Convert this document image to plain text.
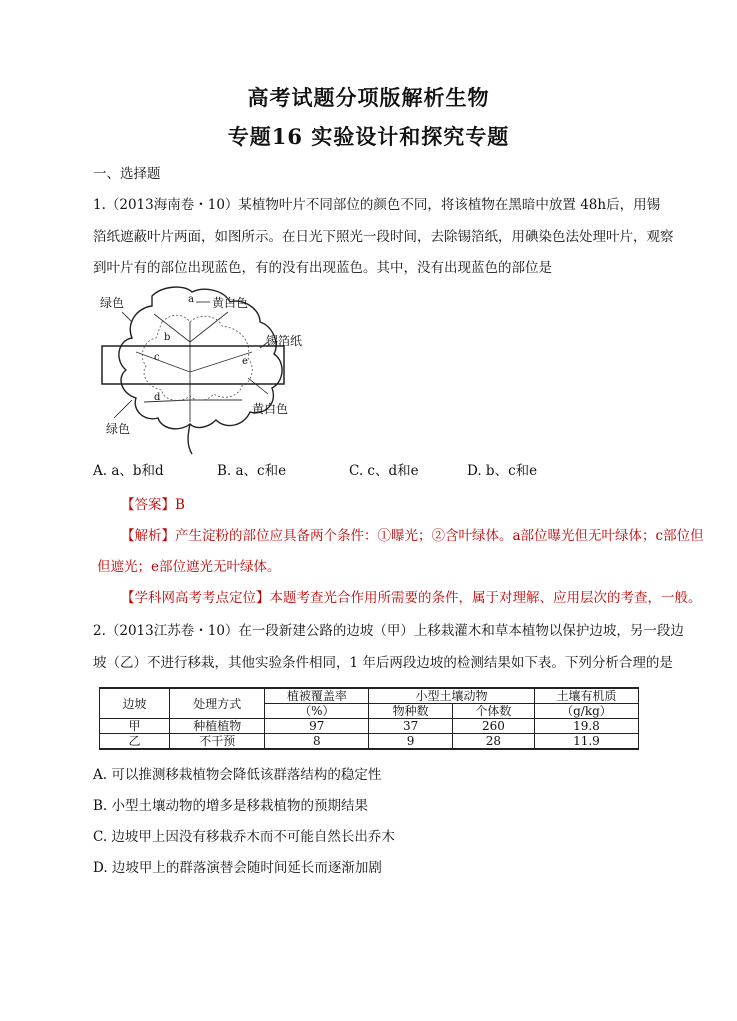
高考试题分项版解析生物
专题16 实验设计和探究专题
一、选择题
1.（2013海南卷・10）某植物叶片不同部位的颜色不同，将该植物在黑暗中放置 48h后，用锡
箔纸遮蔽叶片两面，如图所示。在日光下照光一段时间，去除锡箔纸，用碘染色法处理叶片，观察
到叶片有的部位出现蓝色，有的没有出现蓝色。其中，没有出现蓝色的部位是
绿色	黄白色
锡箔纸
黄白色
绿色
a
b
c
d
e
A. a、b和d	B. a、c和e	C. c、d和e	D. b、c和e
【答案】B
【解析】产生淀粉的部位应具备两个条件：①曝光；②含叶绿体。a部位曝光但无叶绿体；c部位但
但遮光；e部位遮光无叶绿体。
【学科网高考考点定位】本题考查光合作用所需要的条件，属于对理解、应用层次的考查，一般。
2.（2013江苏卷・10）在一段新建公路的边坡（甲）上移栽灌木和草本植物以保护边坡，另一段边
坡（乙）不进行移栽，其他实验条件相同，1 年后两段边坡的检测结果如下表。下列分析合理的是
边坡	处理方式	植被覆盖率	小型土壤动物		土壤有机质
		（%）	物种数	个体数	（g/kg）
甲	种植植物	97	37	260	19.8
乙	不干预	8	9	28	11.9
A. 可以推测移栽植物会降低该群落结构的稳定性
B. 小型土壤动物的增多是移栽植物的预期结果
C. 边坡甲上因没有移栽乔木而不可能自然长出乔木
D. 边坡甲上的群落演替会随时间延长而逐渐加剧
